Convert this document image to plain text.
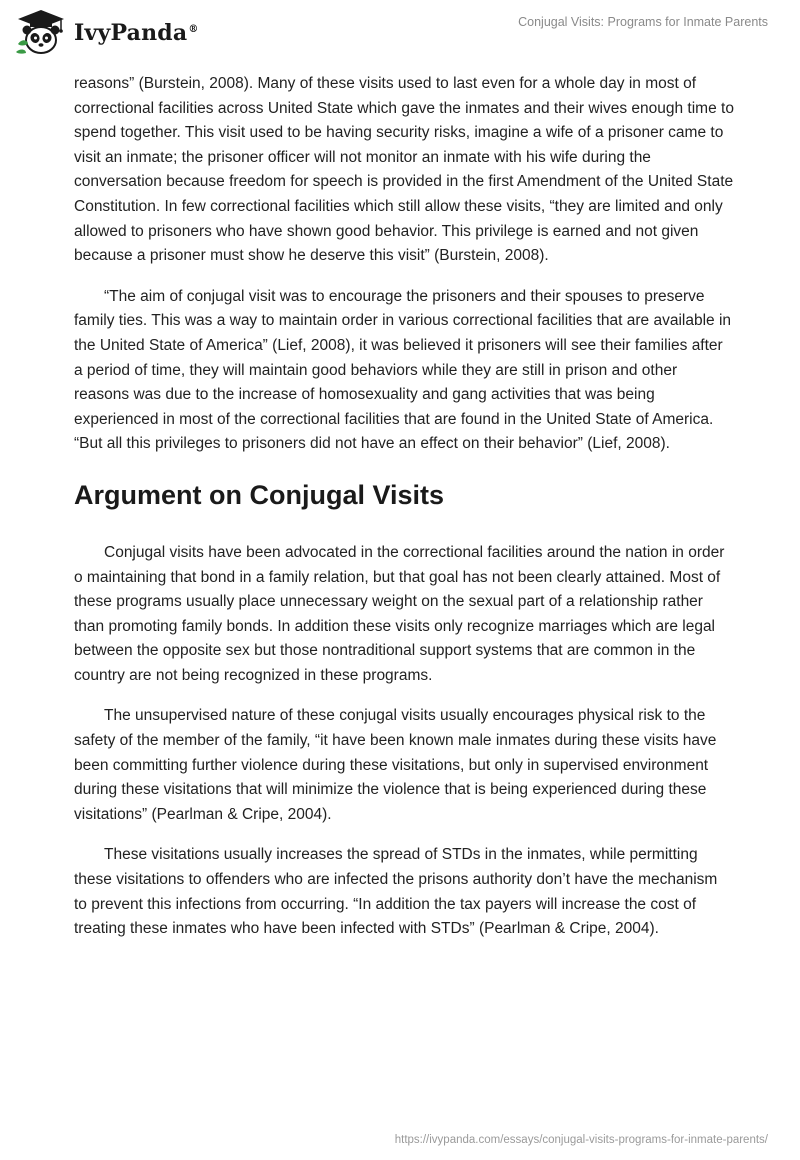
IvyPanda®
Conjugal Visits: Programs for Inmate Parents

reasons” (Burstein, 2008). Many of these visits used to last even for a whole day in most of correctional facilities across United State which gave the inmates and their wives enough time to spend together. This visit used to be having security risks, imagine a wife of a prisoner came to visit an inmate; the prisoner officer will not monitor an inmate with his wife during the conversation because freedom for speech is provided in the first Amendment of the United State Constitution. In few correctional facilities which still allow these visits, “they are limited and only allowed to prisoners who have shown good behavior. This privilege is earned and not given because a prisoner must show he deserve this visit” (Burstein, 2008).

“The aim of conjugal visit was to encourage the prisoners and their spouses to preserve family ties. This was a way to maintain order in various correctional facilities that are available in the United State of America” (Lief, 2008), it was believed it prisoners will see their families after a period of time, they will maintain good behaviors while they are still in prison and other reasons was due to the increase of homosexuality and gang activities that was being experienced in most of the correctional facilities that are found in the United State of America. “But all this privileges to prisoners did not have an effect on their behavior” (Lief, 2008).

Argument on Conjugal Visits

Conjugal visits have been advocated in the correctional facilities around the nation in order o maintaining that bond in a family relation, but that goal has not been clearly attained. Most of these programs usually place unnecessary weight on the sexual part of a relationship rather than promoting family bonds. In addition these visits only recognize marriages which are legal between the opposite sex but those nontraditional support systems that are common in the country are not being recognized in these programs.

The unsupervised nature of these conjugal visits usually encourages physical risk to the safety of the member of the family, “it have been known male inmates during these visits have been committing further violence during these visitations, but only in supervised environment during these visitations that will minimize the violence that is being experienced during these visitations” (Pearlman & Cripe, 2004).

These visitations usually increases the spread of STDs in the inmates, while permitting these visitations to offenders who are infected the prisons authority don’t have the mechanism to prevent this infections from occurring. “In addition the tax payers will increase the cost of treating these inmates who have been infected with STDs” (Pearlman & Cripe, 2004).

https://ivypanda.com/essays/conjugal-visits-programs-for-inmate-parents/
